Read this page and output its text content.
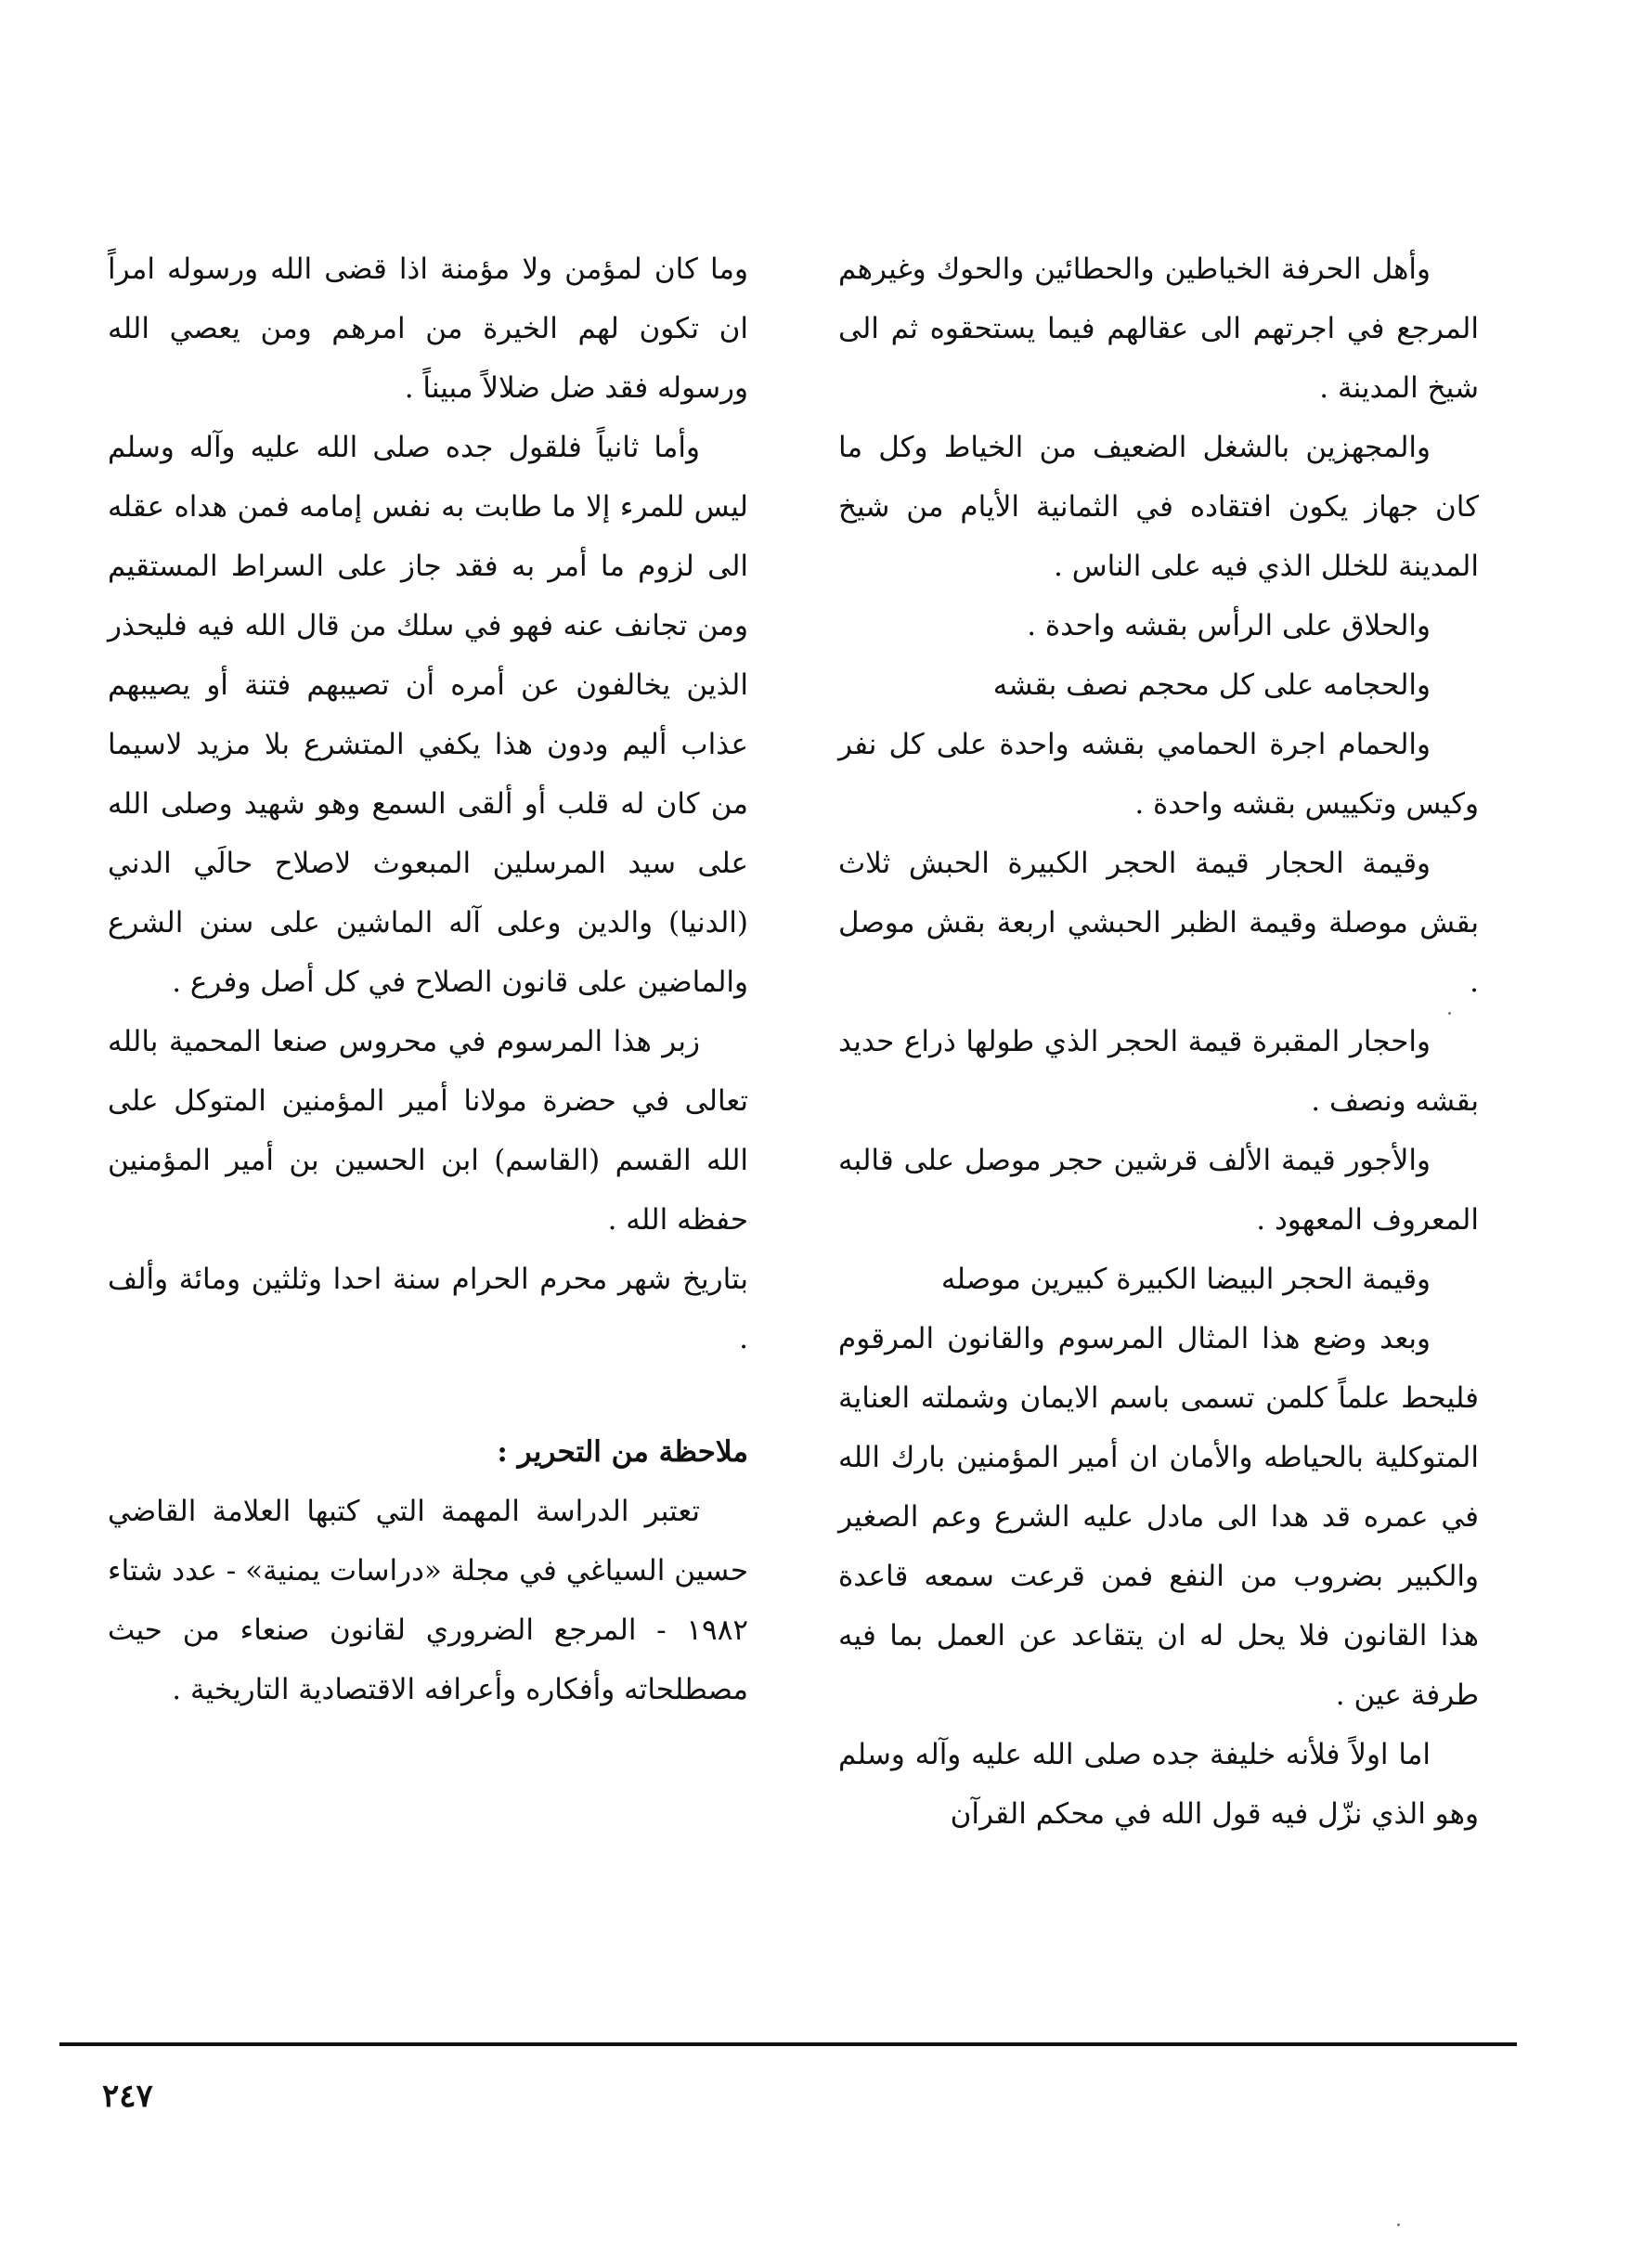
وأهل الحرفة الخياطين والحطائين والحوك وغيرهم المرجع في اجرتهم الى عقالهم فيما يستحقوه ثم الى شيخ المدينة .

والمجهزين بالشغل الضعيف من الخياط وكل ما كان جهاز يكون افتقاده في الثمانية الأيام من شيخ المدينة للخلل الذي فيه على الناس .

والحلاق على الرأس بقشه واحدة .

والحجامه على كل محجم نصف بقشه

والحمام اجرة الحمامي بقشه واحدة على كل نفر وكيس وتكييس بقشه واحدة .

وقيمة الحجار قيمة الحجر الكبيرة الحبش ثلاث بقش موصلة وقيمة الظبر الحبشي اربعة بقش موصل .

واحجار المقبرة قيمة الحجر الذي طولها ذراع حديد بقشه ونصف .

والأجور قيمة الألف قرشين حجر موصل على قالبه المعروف المعهود .

وقيمة الحجر البيضا الكبيرة كبيرين موصله

وبعد وضع هذا المثال المرسوم والقانون المرقوم فليحط علماً كلمن تسمى باسم الايمان وشملته العناية المتوكلية بالحياطه والأمان ان أمير المؤمنين بارك الله في عمره قد هدا الى مادل عليه الشرع وعم الصغير والكبير بضروب من النفع فمن قرعت سمعه قاعدة هذا القانون فلا يحل له ان يتقاعد عن العمل بما فيه طرفة عين .

اما اولاً فلأنه خليفة جده صلى الله عليه وآله وسلم وهو الذي نزّل فيه قول الله في محكم القرآن

وما كان لمؤمن ولا مؤمنة اذا قضى الله ورسوله امراً ان تكون لهم الخيرة من امرهم ومن يعصي الله ورسوله فقد ضل ضلالاً مبيناً .

وأما ثانياً فلقول جده صلى الله عليه وآله وسلم ليس للمرء إلا ما طابت به نفس إمامه فمن هداه عقله الى لزوم ما أمر به فقد جاز على السراط المستقيم ومن تجانف عنه فهو في سلك من قال الله فيه فليحذر الذين يخالفون عن أمره أن تصيبهم فتنة أو يصيبهم عذاب أليم ودون هذا يكفي المتشرع بلا مزيد لاسيما من كان له قلب أو ألقى السمع وهو شهيد وصلى الله على سيد المرسلين المبعوث لاصلاح حالَي الدني (الدنيا) والدين وعلى آله الماشين على سنن الشرع والماضين على قانون الصلاح في كل أصل وفرع .

زبر هذا المرسوم في محروس صنعا المحمية بالله تعالى في حضرة مولانا أمير المؤمنين المتوكل على الله القسم (القاسم) ابن الحسين بن أمير المؤمنين حفظه الله .

بتاريخ شهر محرم الحرام سنة احدا وثلثين ومائة وألف .

ملاحظة من التحرير :

تعتبر الدراسة المهمة التي كتبها العلامة القاضي حسين السياغي في مجلة «دراسات يمنية» - عدد شتاء ١٩٨٢ - المرجع الضروري لقانون صنعاء من حيث مصطلحاته وأفكاره وأعرافه الاقتصادية التاريخية .

٢٤٧
